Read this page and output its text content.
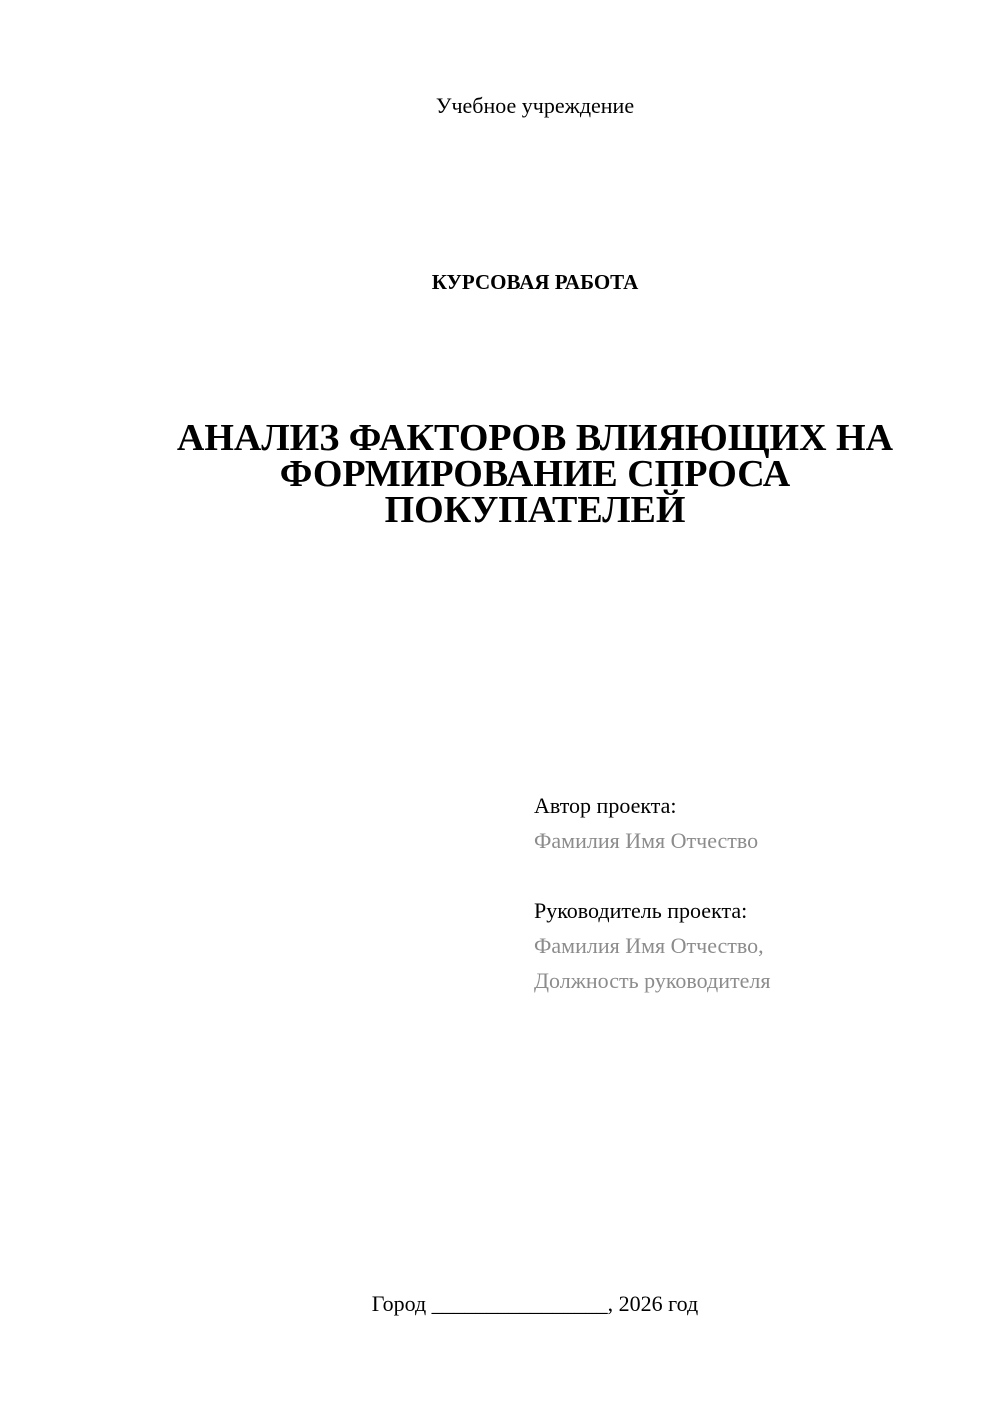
Учебное учреждение
КУРСОВАЯ РАБОТА
АНАЛИЗ ФАКТОРОВ ВЛИЯЮЩИХ НА
ФОРМИРОВАНИЕ СПРОСА
ПОКУПАТЕЛЕЙ
Автор проекта:
Фамилия Имя Отчество
Руководитель проекта:
Фамилия Имя Отчество,
Должность руководителя
Город ________________, 2026 год
